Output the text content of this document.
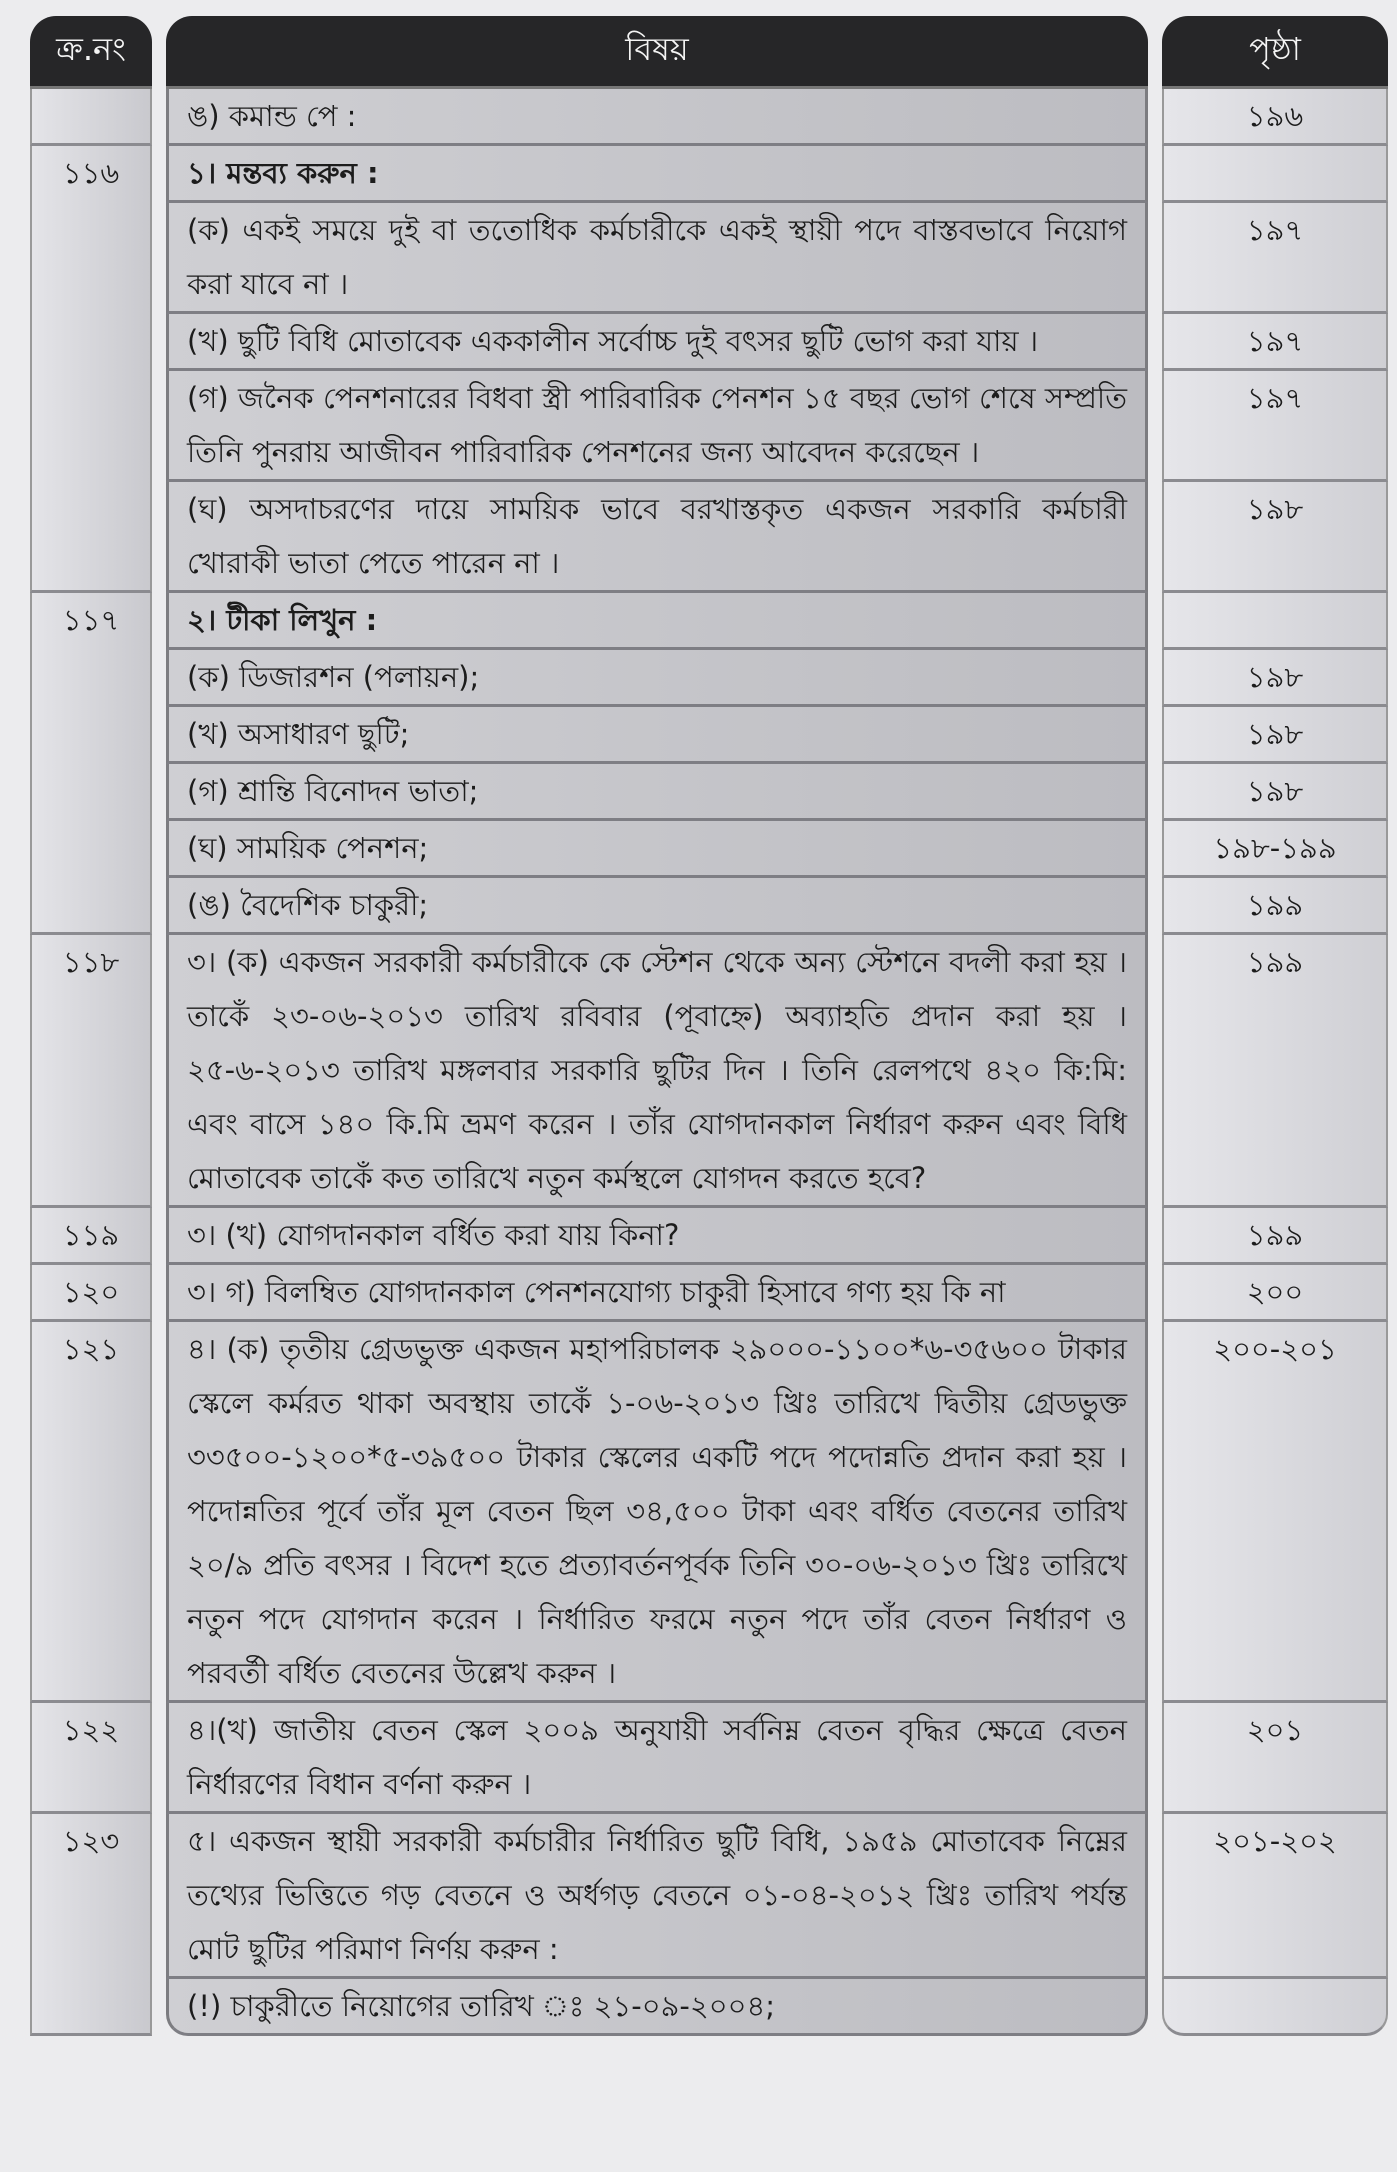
ক্র.নং	বিষয়	পৃষ্ঠা
	ঙ) কমান্ড পে :	১৯৬
১১৬	১। মন্তব্য করুন :	
	(ক) একই সময়ে দুই বা ততোধিক কর্মচারীকে একই স্থায়ী পদে বাস্তবভাবে নিয়োগ করা যাবে না ।	১৯৭
	(খ) ছুটি বিধি মোতাবেক এককালীন সর্বোচ্চ দুই বৎসর ছুটি ভোগ করা যায় ।	১৯৭
	(গ) জনৈক পেনশনারের বিধবা স্ত্রী পারিবারিক পেনশন ১৫ বছর ভোগ শেষে সম্প্রতি তিনি পুনরায় আজীবন পারিবারিক পেনশনের জন্য আবেদন করেছেন ।	১৯৭
	(ঘ) অসদাচরণের দায়ে সাময়িক ভাবে বরখাস্তকৃত একজন সরকারি কর্মচারী খোরাকী ভাতা পেতে পারেন না ।	১৯৮
১১৭	২। টীকা লিখুন :	
	(ক) ডিজারশন (পলায়ন);	১৯৮
	(খ) অসাধারণ ছুটি;	১৯৮
	(গ) শ্রান্তি বিনোদন ভাতা;	১৯৮
	(ঘ) সাময়িক পেনশন;	১৯৮-১৯৯
	(ঙ) বৈদেশিক চাকুরী;	১৯৯
১১৮	৩। (ক) একজন সরকারী কর্মচারীকে কে স্টেশন থেকে অন্য স্টেশনে বদলী করা হয় । তাকেঁ ২৩-০৬-২০১৩ তারিখ রবিবার (পূবাহ্নে) অব্যাহতি প্রদান করা হয় । ২৫-৬-২০১৩ তারিখ মঙ্গলবার সরকারি ছুটির দিন । তিনি রেলপথে ৪২০ কি:মি: এবং বাসে ১৪০ কি.মি ভ্রমণ করেন । তাঁর যোগদানকাল নির্ধারণ করুন এবং বিধি মোতাবেক তাকেঁ কত তারিখে নতুন কর্মস্থলে যোগদন করতে হবে?	১৯৯
১১৯	৩। (খ) যোগদানকাল বর্ধিত করা যায় কিনা?	১৯৯
১২০	৩। গ) বিলম্বিত যোগদানকাল পেনশনযোগ্য চাকুরী হিসাবে গণ্য হয় কি না	২০০
১২১	৪। (ক) তৃতীয় গ্রেডভুক্ত একজন মহাপরিচালক ২৯০০০-১১০০*৬-৩৫৬০০ টাকার স্কেলে কর্মরত থাকা অবস্থায় তাকেঁ ১-০৬-২০১৩ খ্রিঃ তারিখে দ্বিতীয় গ্রেডভুক্ত ৩৩৫০০-১২০০*৫-৩৯৫০০ টাকার স্কেলের একটি পদে পদোন্নতি প্রদান করা হয় । পদোন্নতির পূর্বে তাঁর মূল বেতন ছিল ৩৪,৫০০ টাকা এবং বর্ধিত বেতনের তারিখ ২০/৯ প্রতি বৎসর । বিদেশ হতে প্রত্যাবর্তনপূর্বক তিনি ৩০-০৬-২০১৩ খ্রিঃ তারিখে নতুন পদে যোগদান করেন । নির্ধারিত ফরমে নতুন পদে তাঁর বেতন নির্ধারণ ও পরবর্তী বর্ধিত বেতনের উল্লেখ করুন ।	২০০-২০১
১২২	৪।(খ) জাতীয় বেতন স্কেল ২০০৯ অনুযায়ী সর্বনিম্ন বেতন বৃদ্ধির ক্ষেত্রে বেতন নির্ধারণের বিধান বর্ণনা করুন ।	২০১
১২৩	৫। একজন স্থায়ী সরকারী কর্মচারীর নির্ধারিত ছুটি বিধি, ১৯৫৯ মোতাবেক নিম্নের তথ্যের ভিত্তিতে গড় বেতনে ও অর্ধগড় বেতনে ০১-০৪-২০১২ খ্রিঃ তারিখ পর্যন্ত মোট ছুটির পরিমাণ নির্ণয় করুন :	২০১-২০২
	(!) চাকুরীতে নিয়োগের তারিখ ঃ ২১-০৯-২০০৪;	
